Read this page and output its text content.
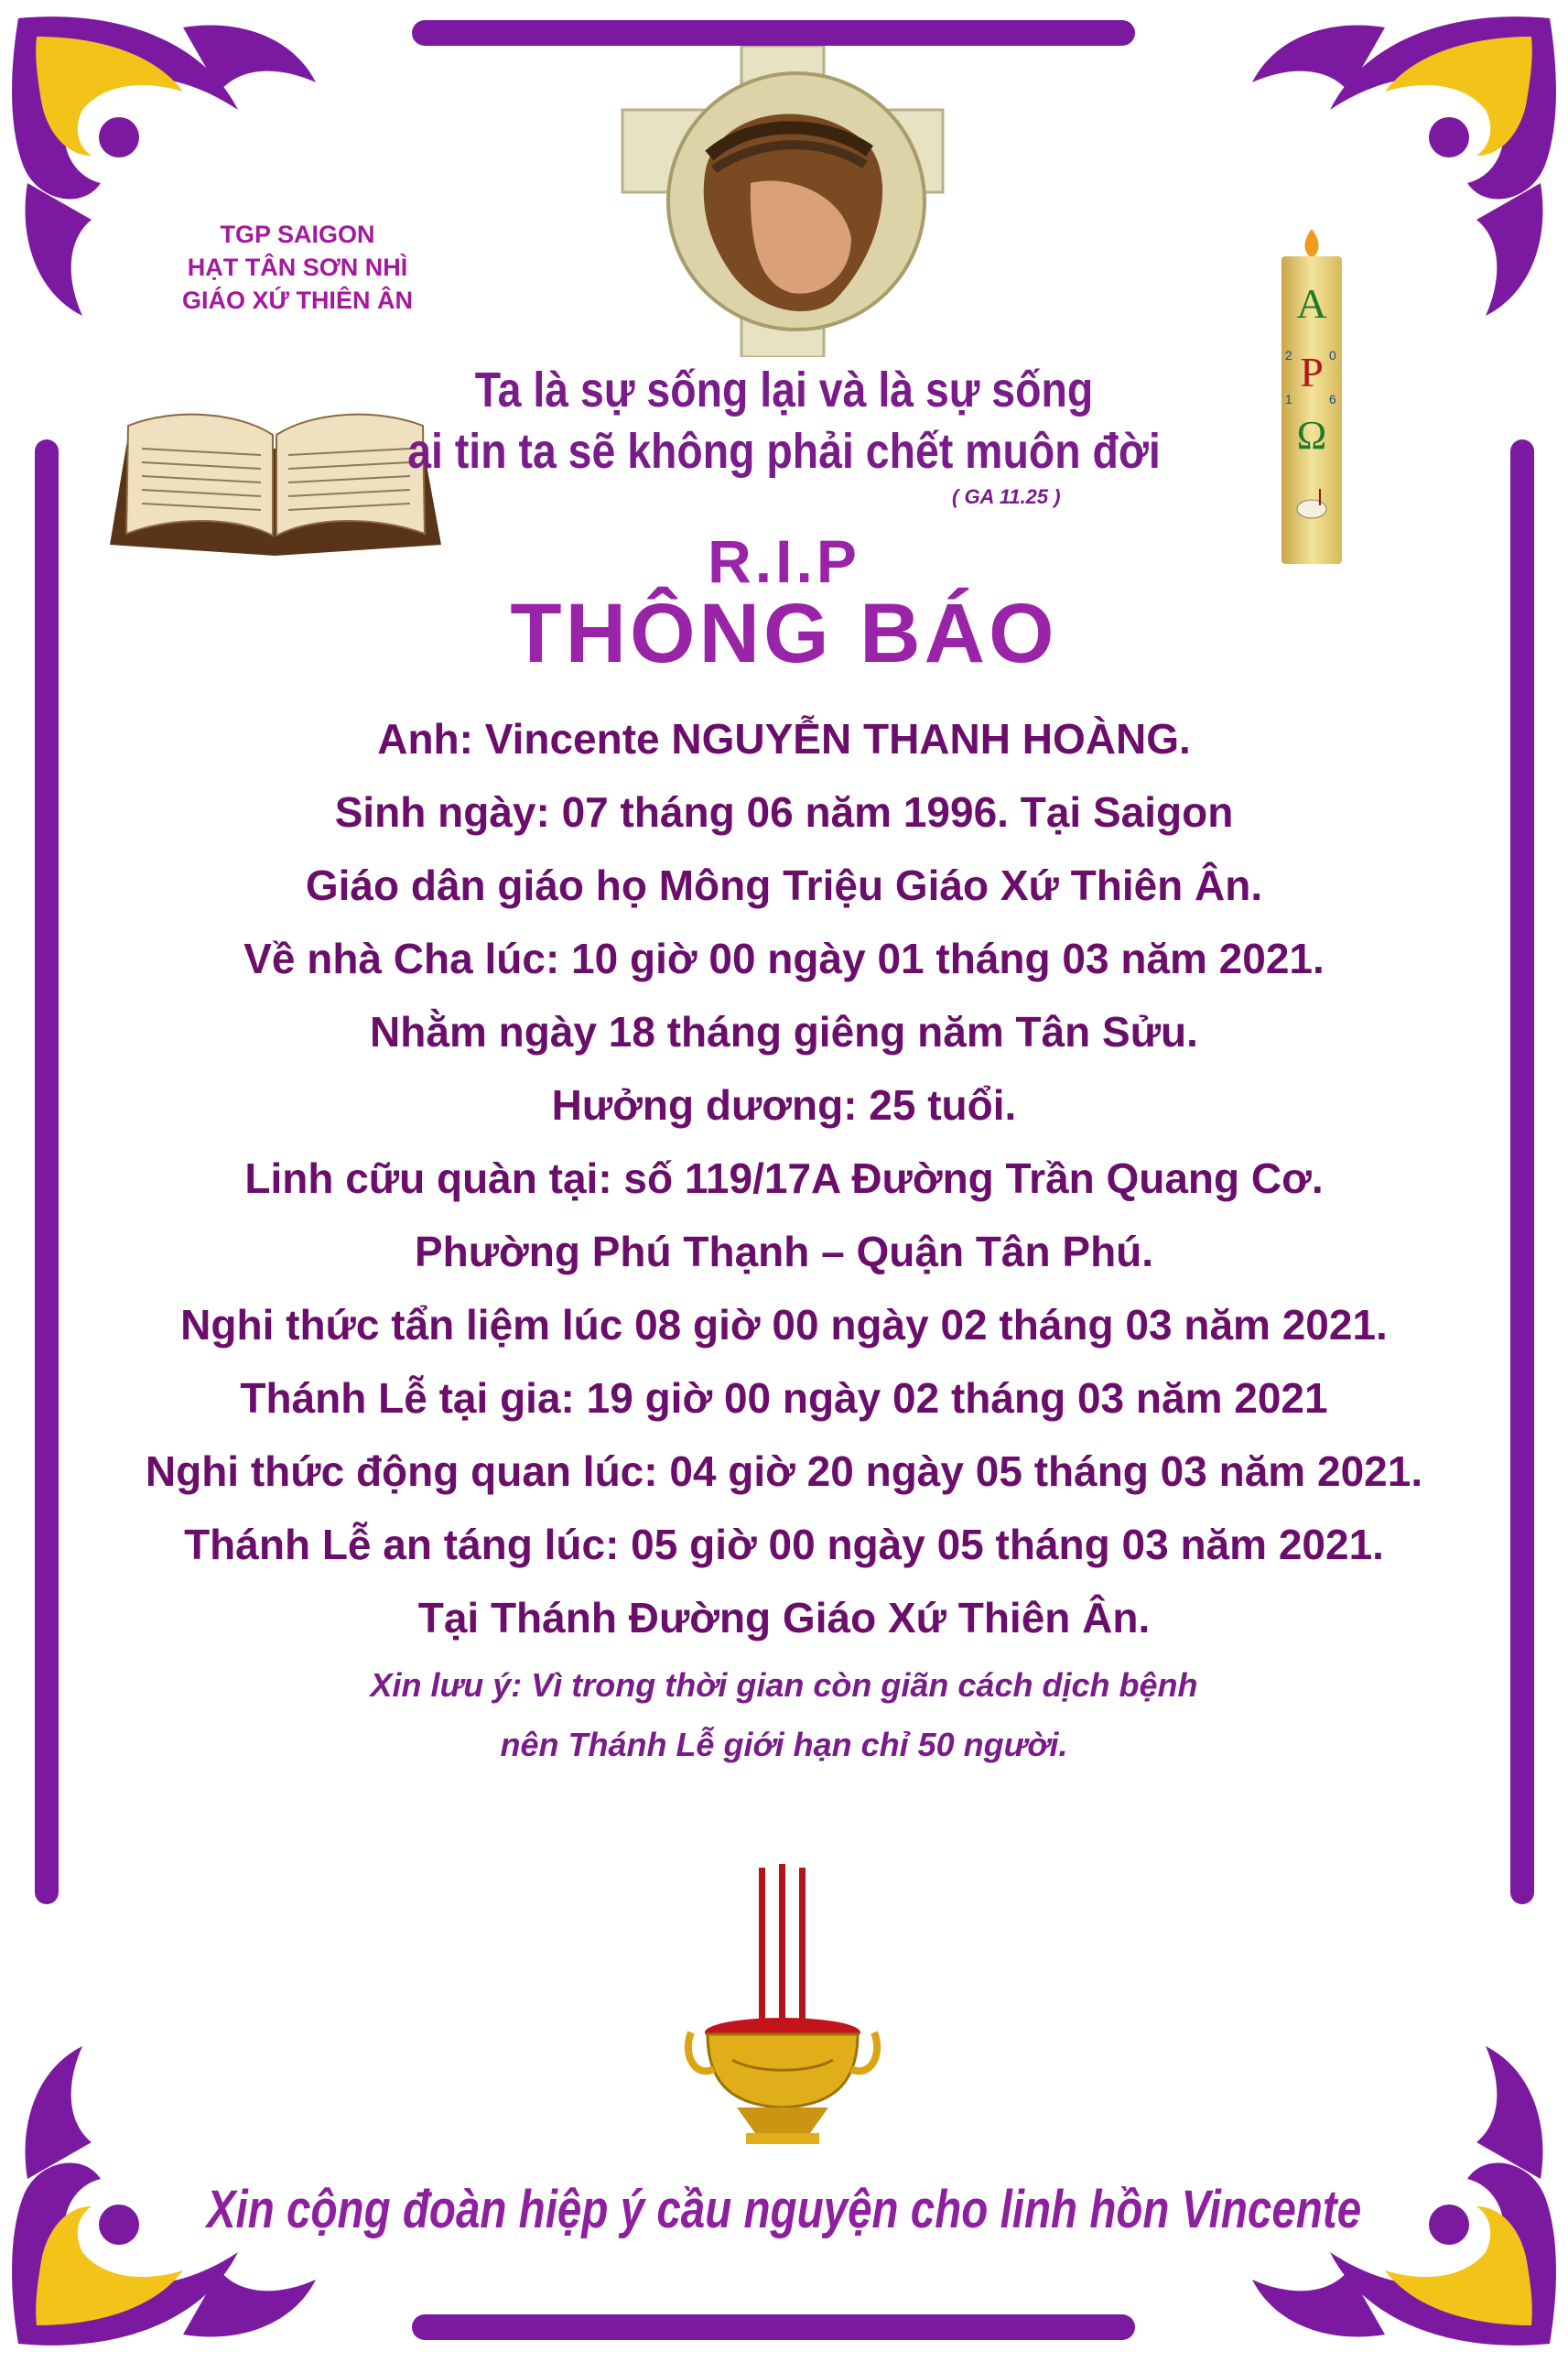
TGP SAIGON
HẠT TÂN SƠN NHÌ
GIÁO XỨ THIÊN ÂN	A
2	0
P
1	6
Ω
Ta là sự sống lại và là sự sống
ai tin ta sẽ không phải chết muôn đời
( GA 11.25 )
R.I.P
THÔNG BÁO
Anh: Vincente NGUYỄN THANH HOÀNG.
Sinh ngày: 07 tháng 06 năm 1996. Tại Saigon
Giáo dân giáo họ Mông Triệu Giáo Xứ Thiên Ân.
Về nhà Cha lúc: 10 giờ 00 ngày 01 tháng 03 năm 2021.
Nhằm ngày 18 tháng giêng năm Tân Sửu.
Hưởng dương: 25 tuổi.
Linh cữu quàn tại: số 119/17A Đường Trần Quang Cơ.
Phường Phú Thạnh – Quận Tân Phú.
Nghi thức tẩn liệm lúc 08 giờ 00 ngày 02 tháng 03 năm 2021.
Thánh Lễ tại gia: 19 giờ 00 ngày 02 tháng 03 năm 2021
Nghi thức động quan lúc: 04 giờ 20 ngày 05 tháng 03 năm 2021.
Thánh Lễ an táng lúc: 05 giờ 00 ngày 05 tháng 03 năm 2021.
Tại Thánh Đường Giáo Xứ Thiên Ân.
Xin lưu ý: Vì trong thời gian còn giãn cách dịch bệnh
nên Thánh Lễ giới hạn chỉ 50 người.
Xin cộng đoàn hiệp ý cầu nguyện cho linh hồn Vincente
